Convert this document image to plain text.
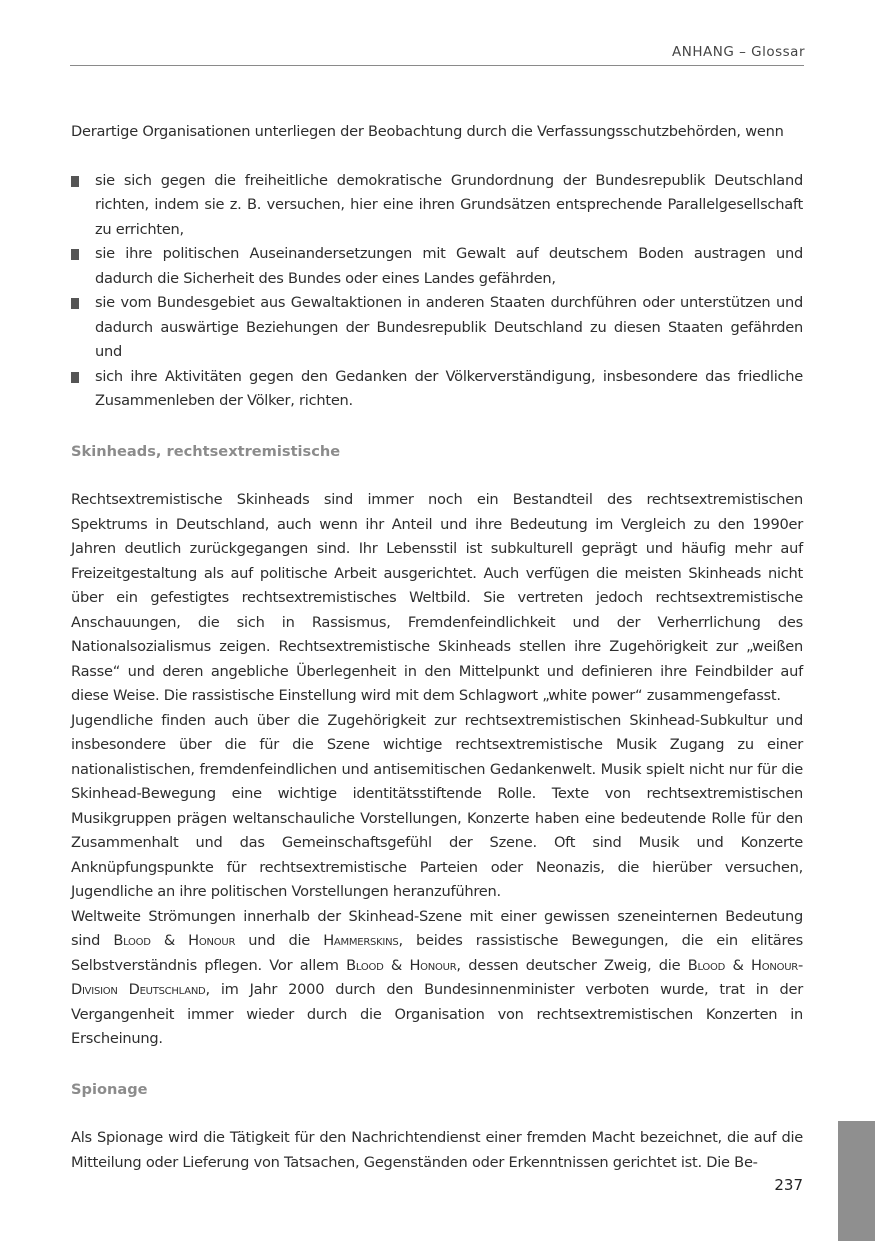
ANHANG – Glossar

Derartige Organisationen unterliegen der Beobachtung durch die Verfassungsschutzbehörden, wenn

sie sich gegen die freiheitliche demokratische Grundordnung der Bundesrepublik Deutschland richten, indem sie z. B. versuchen, hier eine ihren Grundsätzen entsprechende Parallelgesellschaft zu errichten,
sie ihre politischen Auseinandersetzungen mit Gewalt auf deutschem Boden austragen und dadurch die Sicherheit des Bundes oder eines Landes gefährden,
sie vom Bundesgebiet aus Gewaltaktionen in anderen Staaten durchführen oder unterstützen und dadurch auswärtige Beziehungen der Bundesrepublik Deutschland zu diesen Staaten gefährden und
sich ihre Aktivitäten gegen den Gedanken der Völkerverständigung, insbesondere das friedliche Zusammenleben der Völker, richten.
Skinheads, rechtsextremistische

Rechtsextremistische Skinheads sind immer noch ein Bestandteil des rechtsextremistischen Spektrums in Deutschland, auch wenn ihr Anteil und ihre Bedeutung im Vergleich zu den 1990er Jahren deutlich zurückgegangen sind. Ihr Lebensstil ist subkulturell geprägt und häufig mehr auf Freizeitgestaltung als auf politische Arbeit ausgerichtet. Auch verfügen die meisten Skinheads nicht über ein gefestigtes rechtsextremistisches Weltbild. Sie vertreten jedoch rechtsextremistische Anschauungen, die sich in Rassismus, Fremdenfeindlichkeit und der Verherrlichung des Nationalsozialismus zeigen. Rechtsextremistische Skinheads stellen ihre Zugehörigkeit zur „weißen Rasse“ und deren angebliche Überlegenheit in den Mittelpunkt und definieren ihre Feindbilder auf diese Weise. Die rassistische Einstellung wird mit dem Schlagwort „white power“ zusammengefasst.

Jugendliche finden auch über die Zugehörigkeit zur rechtsextremistischen Skinhead-Subkultur und insbesondere über die für die Szene wichtige rechtsextremistische Musik Zugang zu einer nationalistischen, fremdenfeindlichen und antisemitischen Gedankenwelt. Musik spielt nicht nur für die Skinhead-Bewegung eine wichtige identitätsstiftende Rolle. Texte von rechtsextremistischen Musikgruppen prägen weltanschauliche Vorstellungen, Konzerte haben eine bedeutende Rolle für den Zusammenhalt und das Gemeinschaftsgefühl der Szene. Oft sind Musik und Konzerte Anknüpfungspunkte für rechtsextremistische Parteien oder Neonazis, die hierüber versuchen, Jugendliche an ihre politischen Vorstellungen heranzuführen.

Weltweite Strömungen innerhalb der Skinhead-Szene mit einer gewissen szeneinternen Bedeutung sind Blood & Honour und die Hammerskins, beides rassistische Bewegungen, die ein elitäres Selbstverständnis pflegen. Vor allem Blood & Honour, dessen deutscher Zweig, die Blood & Honour-Division Deutschland, im Jahr 2000 durch den Bundesinnenminister verboten wurde, trat in der Vergangenheit immer wieder durch die Organisation von rechtsextremistischen Konzerten in Erscheinung.

Spionage

Als Spionage wird die Tätigkeit für den Nachrichtendienst einer fremden Macht bezeichnet, die auf die Mitteilung oder Lieferung von Tatsachen, Gegenständen oder Erkenntnissen gerichtet ist. Die Be-

237
